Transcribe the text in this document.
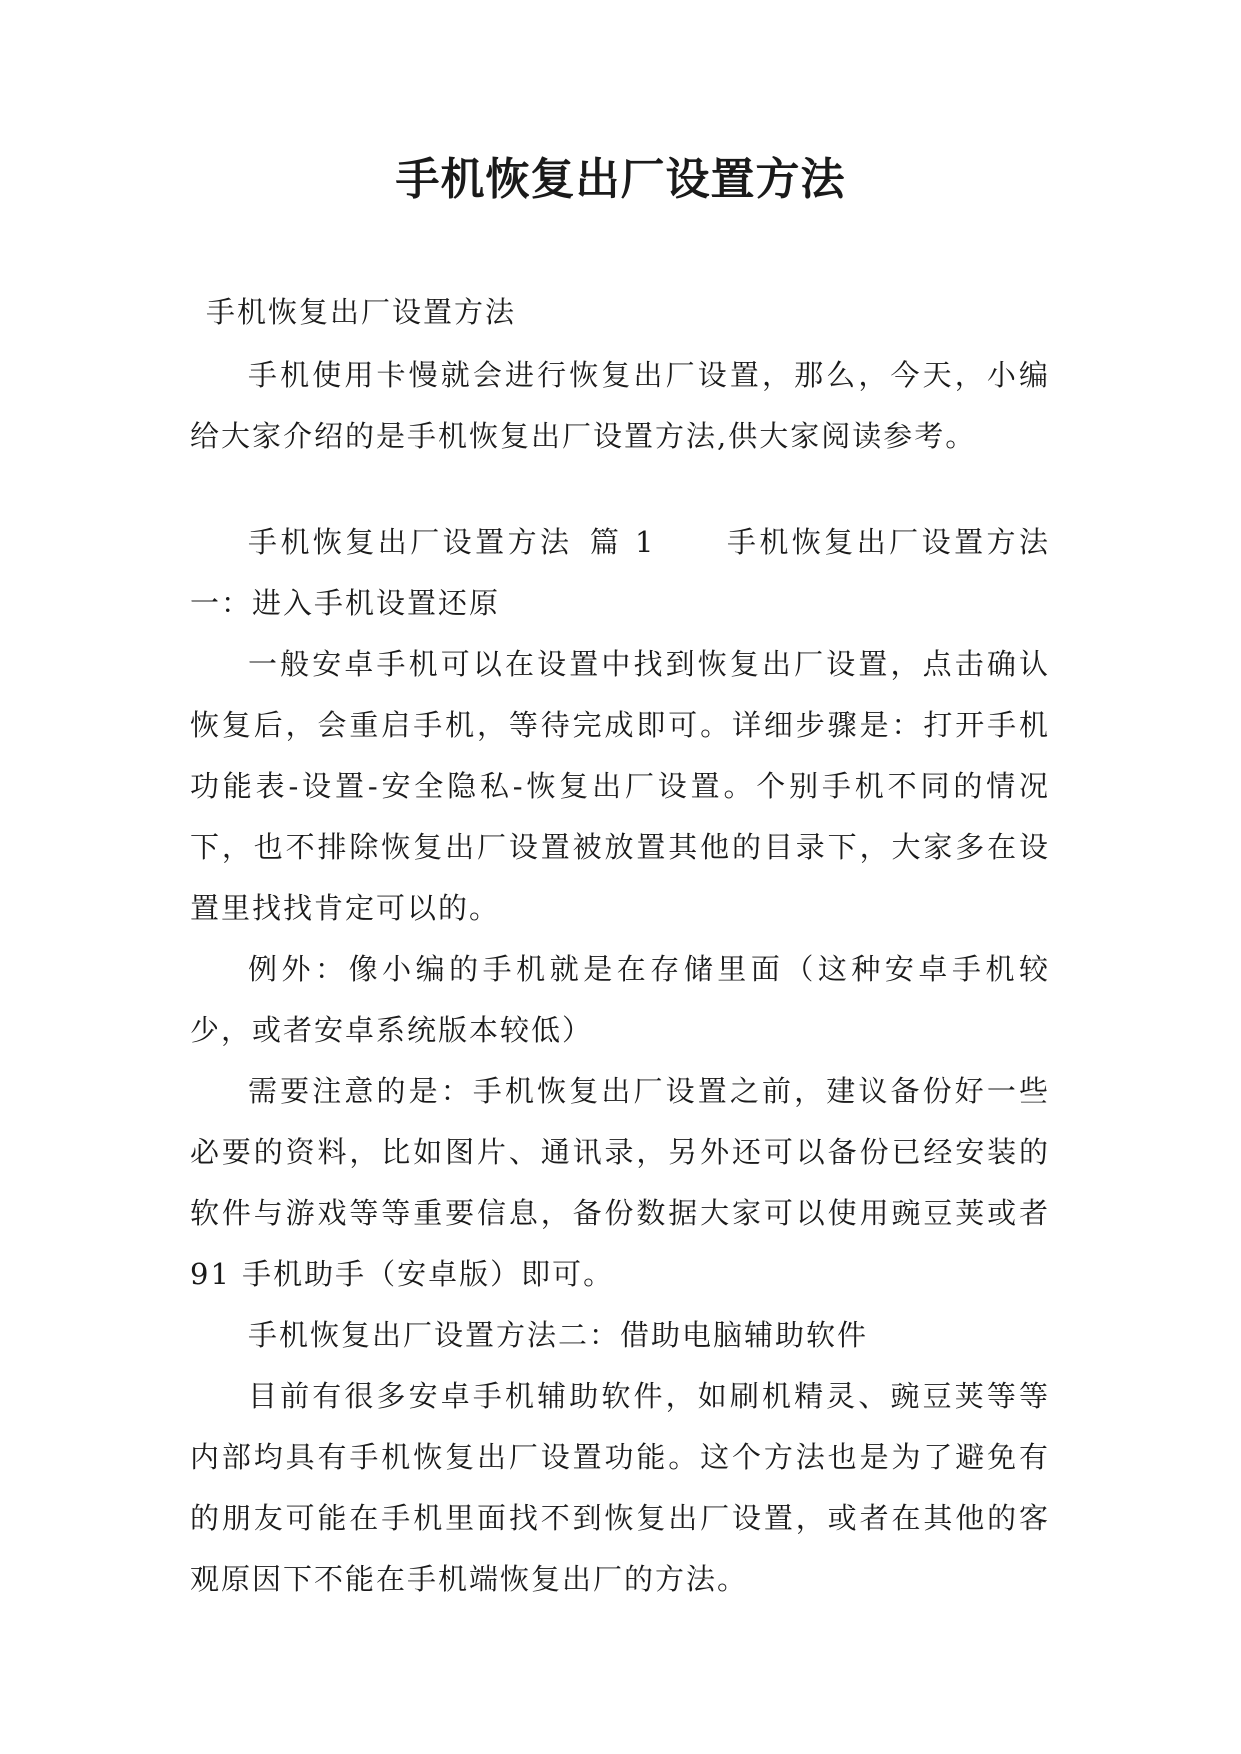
手机恢复出厂设置方法
手机恢复出厂设置方法

手机使用卡慢就会进行恢复出厂设置，那么，今天，小编给大家介绍的是手机恢复出厂设置方法,供大家阅读参考。

手机恢复出厂设置方法 篇 1 手机恢复出厂设置方法一：进入手机设置还原

一般安卓手机可以在设置中找到恢复出厂设置，点击确认恢复后，会重启手机，等待完成即可。详细步骤是：打开手机功能表-设置-安全隐私-恢复出厂设置。个别手机不同的情况下，也不排除恢复出厂设置被放置其他的目录下，大家多在设置里找找肯定可以的。

例外：像小编的手机就是在存储里面（这种安卓手机较少，或者安卓系统版本较低）

需要注意的是：手机恢复出厂设置之前，建议备份好一些必要的资料，比如图片、通讯录，另外还可以备份已经安装的软件与游戏等等重要信息，备份数据大家可以使用豌豆荚或者 91 手机助手（安卓版）即可。

手机恢复出厂设置方法二：借助电脑辅助软件

目前有很多安卓手机辅助软件，如刷机精灵、豌豆荚等等内部均具有手机恢复出厂设置功能。这个方法也是为了避免有的朋友可能在手机里面找不到恢复出厂设置，或者在其他的客观原因下不能在手机端恢复出厂的方法。
